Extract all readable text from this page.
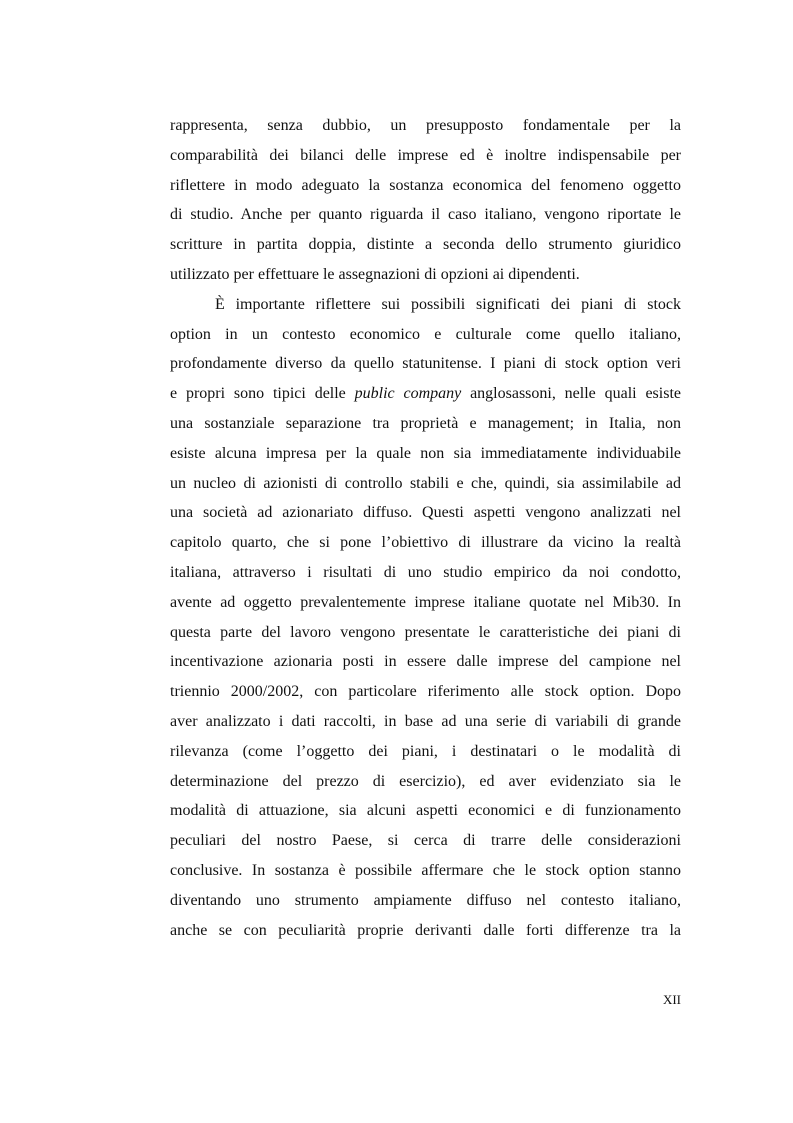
rappresenta, senza dubbio, un presupposto fondamentale per la
comparabilità dei bilanci delle imprese ed è inoltre indispensabile per
riflettere in modo adeguato la sostanza economica del fenomeno oggetto
di studio. Anche per quanto riguarda il caso italiano, vengono riportate le
scritture in partita doppia, distinte a seconda dello strumento giuridico
utilizzato per effettuare le assegnazioni di opzioni ai dipendenti.
È importante riflettere sui possibili significati dei piani di stock
option in un contesto economico e culturale come quello italiano,
profondamente diverso da quello statunitense. I piani di stock option veri
e propri sono tipici delle public company anglosassoni, nelle quali esiste
una sostanziale separazione tra proprietà e management; in Italia, non
esiste alcuna impresa per la quale non sia immediatamente individuabile
un nucleo di azionisti di controllo stabili e che, quindi, sia assimilabile ad
una società ad azionariato diffuso. Questi aspetti vengono analizzati nel
capitolo quarto, che si pone l’obiettivo di illustrare da vicino la realtà
italiana, attraverso i risultati di uno studio empirico da noi condotto,
avente ad oggetto prevalentemente imprese italiane quotate nel Mib30. In
questa parte del lavoro vengono presentate le caratteristiche dei piani di
incentivazione azionaria posti in essere dalle imprese del campione nel
triennio 2000/2002, con particolare riferimento alle stock option. Dopo
aver analizzato i dati raccolti, in base ad una serie di variabili di grande
rilevanza (come l’oggetto dei piani, i destinatari o le modalità di
determinazione del prezzo di esercizio), ed aver evidenziato sia le
modalità di attuazione, sia alcuni aspetti economici e di funzionamento
peculiari del nostro Paese, si cerca di trarre delle considerazioni
conclusive. In sostanza è possibile affermare che le stock option stanno
diventando uno strumento ampiamente diffuso nel contesto italiano,
anche se con peculiarità proprie derivanti dalle forti differenze tra la
XII
